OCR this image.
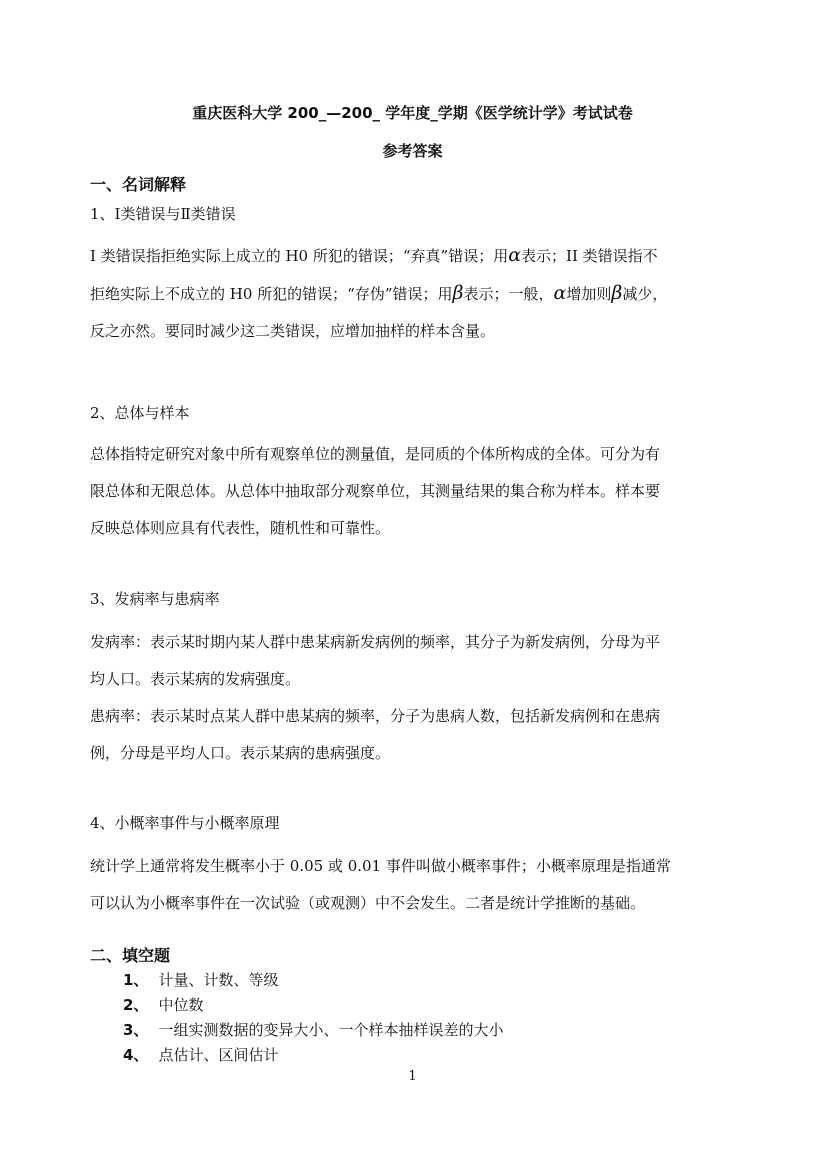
重庆医科大学 200_—200_ 学年度_学期《医学统计学》考试试卷
参考答案
一、名词解释
1、Ⅰ类错误与Ⅱ类错误
I 类错误指拒绝实际上成立的 H0 所犯的错误；“弃真”错误；用α表示；II 类错误指不
拒绝实际上不成立的 H0 所犯的错误；“存伪”错误；用β表示；一般，α增加则β减少，
反之亦然。要同时减少这二类错误，应增加抽样的样本含量。
2、总体与样本
总体指特定研究对象中所有观察单位的测量值，是同质的个体所构成的全体。可分为有
限总体和无限总体。从总体中抽取部分观察单位，其测量结果的集合称为样本。样本要
反映总体则应具有代表性，随机性和可靠性。
3、发病率与患病率
发病率：表示某时期内某人群中患某病新发病例的频率，其分子为新发病例，分母为平
均人口。表示某病的发病强度。
患病率：表示某时点某人群中患某病的频率，分子为患病人数，包括新发病例和在患病
例，分母是平均人口。表示某病的患病强度。
4、小概率事件与小概率原理
统计学上通常将发生概率小于 0.05 或 0.01 事件叫做小概率事件；小概率原理是指通常
可以认为小概率事件在一次试验（或观测）中不会发生。二者是统计学推断的基础。
二、填空题
1、 计量、计数、等级
2、 中位数
3、 一组实测数据的变异大小、一个样本抽样误差的大小
4、 点估计、区间估计
1
